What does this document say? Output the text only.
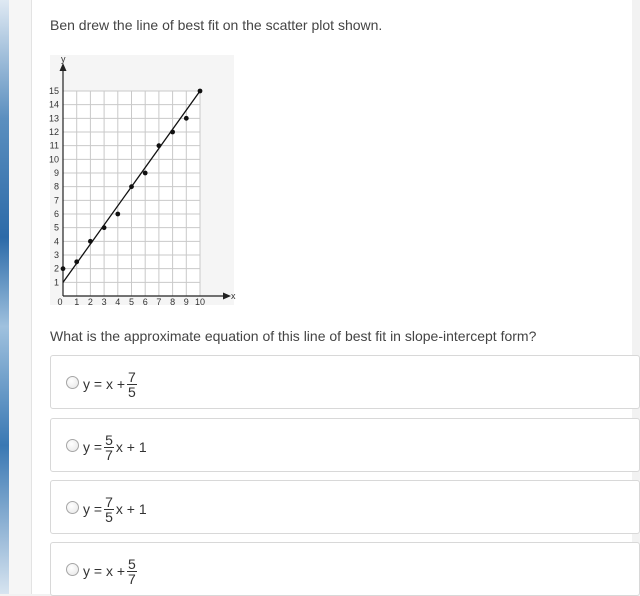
Ben drew the line of best fit on the scatter plot shown.

x
y
0 1 2 3 4 5 6 7 8 9 10
1
2
3
4
5
6
7
8
9
10
11
12
13
14
15

What is the approximate equation of this line of best fit in slope-intercept form?

$y = x + \frac{7}{5}$
$y = \frac{5}{7}$ x + 1
$y = \frac{7}{5}$ x + 1
$y = x + \frac{5}{7}$
